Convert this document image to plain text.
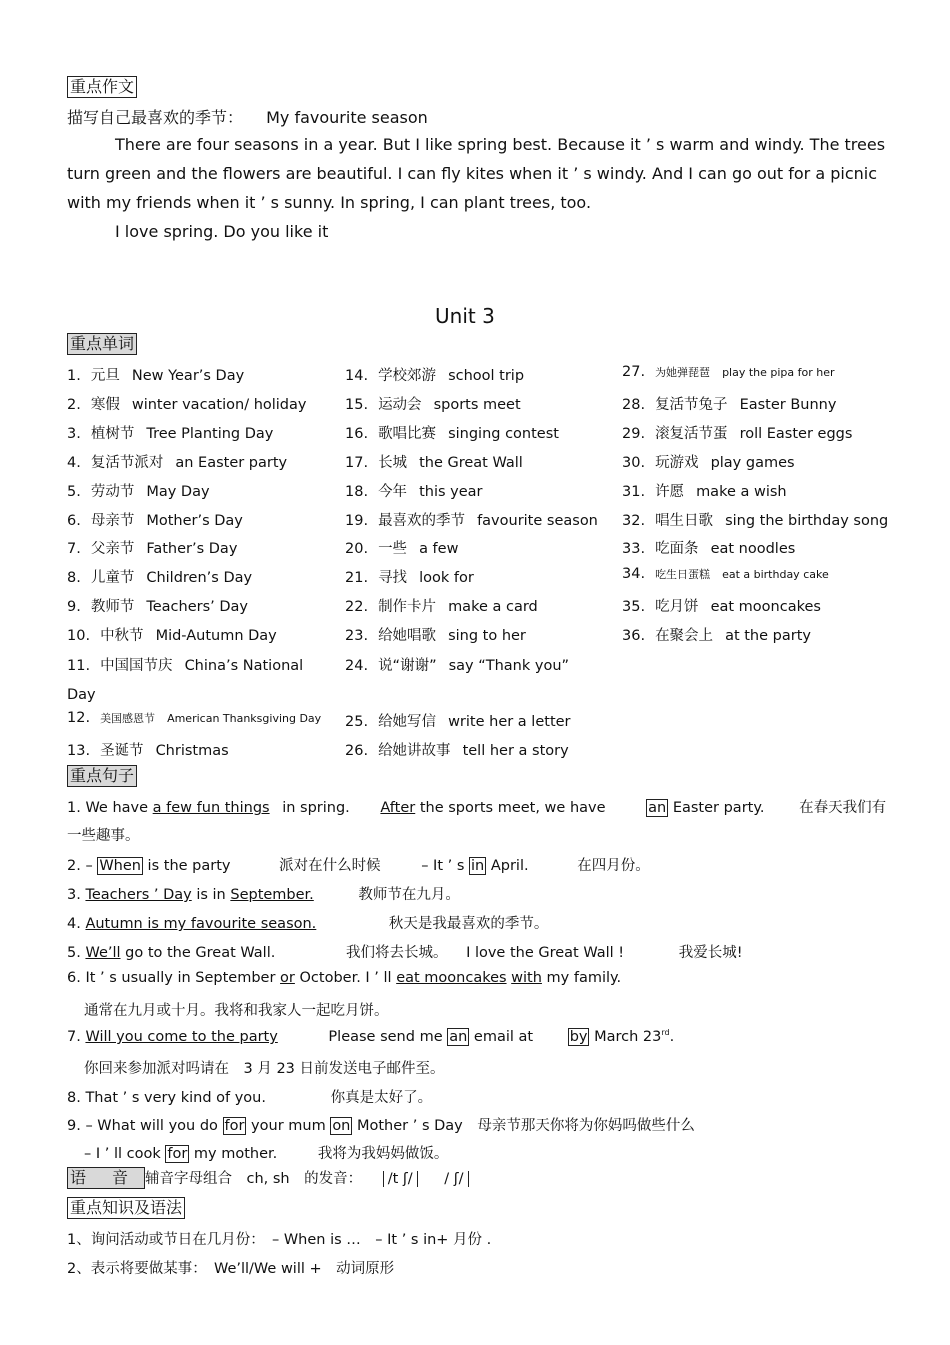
重点作文
描写自己最喜欢的季节： My favourite season

There are four seasons in a year. But I like spring best. Because it ’ s warm and windy. The trees turn green and the flowers are beautiful. I can fly kites when it ’ s windy. And I can go out for a picnic with my friends when it ’ s sunny. In spring, I can plant trees, too.

I love spring. Do you like it

Unit 3
重点单词
1. 元旦 New Year’s Day
2. 寒假 winter vacation/ holiday
3. 植树节 Tree Planting Day
4. 复活节派对 an Easter party
5. 劳动节 May Day
6. 母亲节 Mother’s Day
7. 父亲节 Father’s Day
8. 儿童节 Children’s Day
9. 教师节 Teachers’ Day
10. 中秋节 Mid-Autumn Day
11. 中国国节庆 China’s National Day
12. 美国感恩节 American Thanksgiving Day
13. 圣诞节 Christmas
14. 学校郊游 school trip
15. 运动会 sports meet
16. 歌唱比赛 singing contest
17. 长城 the Great Wall
18. 今年 this year
19. 最喜欢的季节 favourite season
20. 一些 a few
21. 寻找 look for
22. 制作卡片 make a card
23. 给她唱歌 sing to her
24. 说“谢谢” say “Thank you”
25. 给她写信 write her a letter
26. 给她讲故事 tell her a story
27. 为她弹琵琶 play the pipa for her
28. 复活节兔子 Easter Bunny
29. 滚复活节蛋 roll Easter eggs
30. 玩游戏 play games
31. 许愿 make a wish
32. 唱生日歌 sing the birthday song
33. 吃面条 eat noodles
34. 吃生日蛋糕 eat a birthday cake
35. 吃月饼 eat mooncakes
36. 在聚会上 at the party
重点句子
1. We have a few fun things in spring. After the sports meet, we have	an Easter party. 在春天我们有
一些趣事。
2. – When is the party	派对在什么时候	– It ’ s in April.	在四月份。
3. Teachers ’ Day is in September.	教师节在九月。
4. Autumn is my favourite season.	秋天是我最喜欢的季节。
5. We’ll go to the Great Wall.	我们将去长城。 I love the Great Wall !	我爱长城!
6. It ’ s usually in September or October. I ’ ll eat mooncakes with my family.
通常在九月或十月。我将和我家人一起吃月饼。
7. Will you come to the party	Please send me an email at by March 23rd.
你回来参加派对吗请在　3 月 23 日前发送电子邮件至。
8. That ’ s very kind of you.	你真是太好了。
9. – What will you do for your mum on Mother ’ s Day 母亲节那天你将为你妈吗做些什么
– I ’ ll cook for my mother.	我将为我妈妈做饭。
语 音 辅音字母组合　ch, sh　的发音： /t ʃ/ / ʃ/
重点知识及语法
1、询问活动或节日在几月份：　– When is …　– It ’ s in+ 月份 .
2、表示将要做某事：　We’ll/We will +　动词原形
